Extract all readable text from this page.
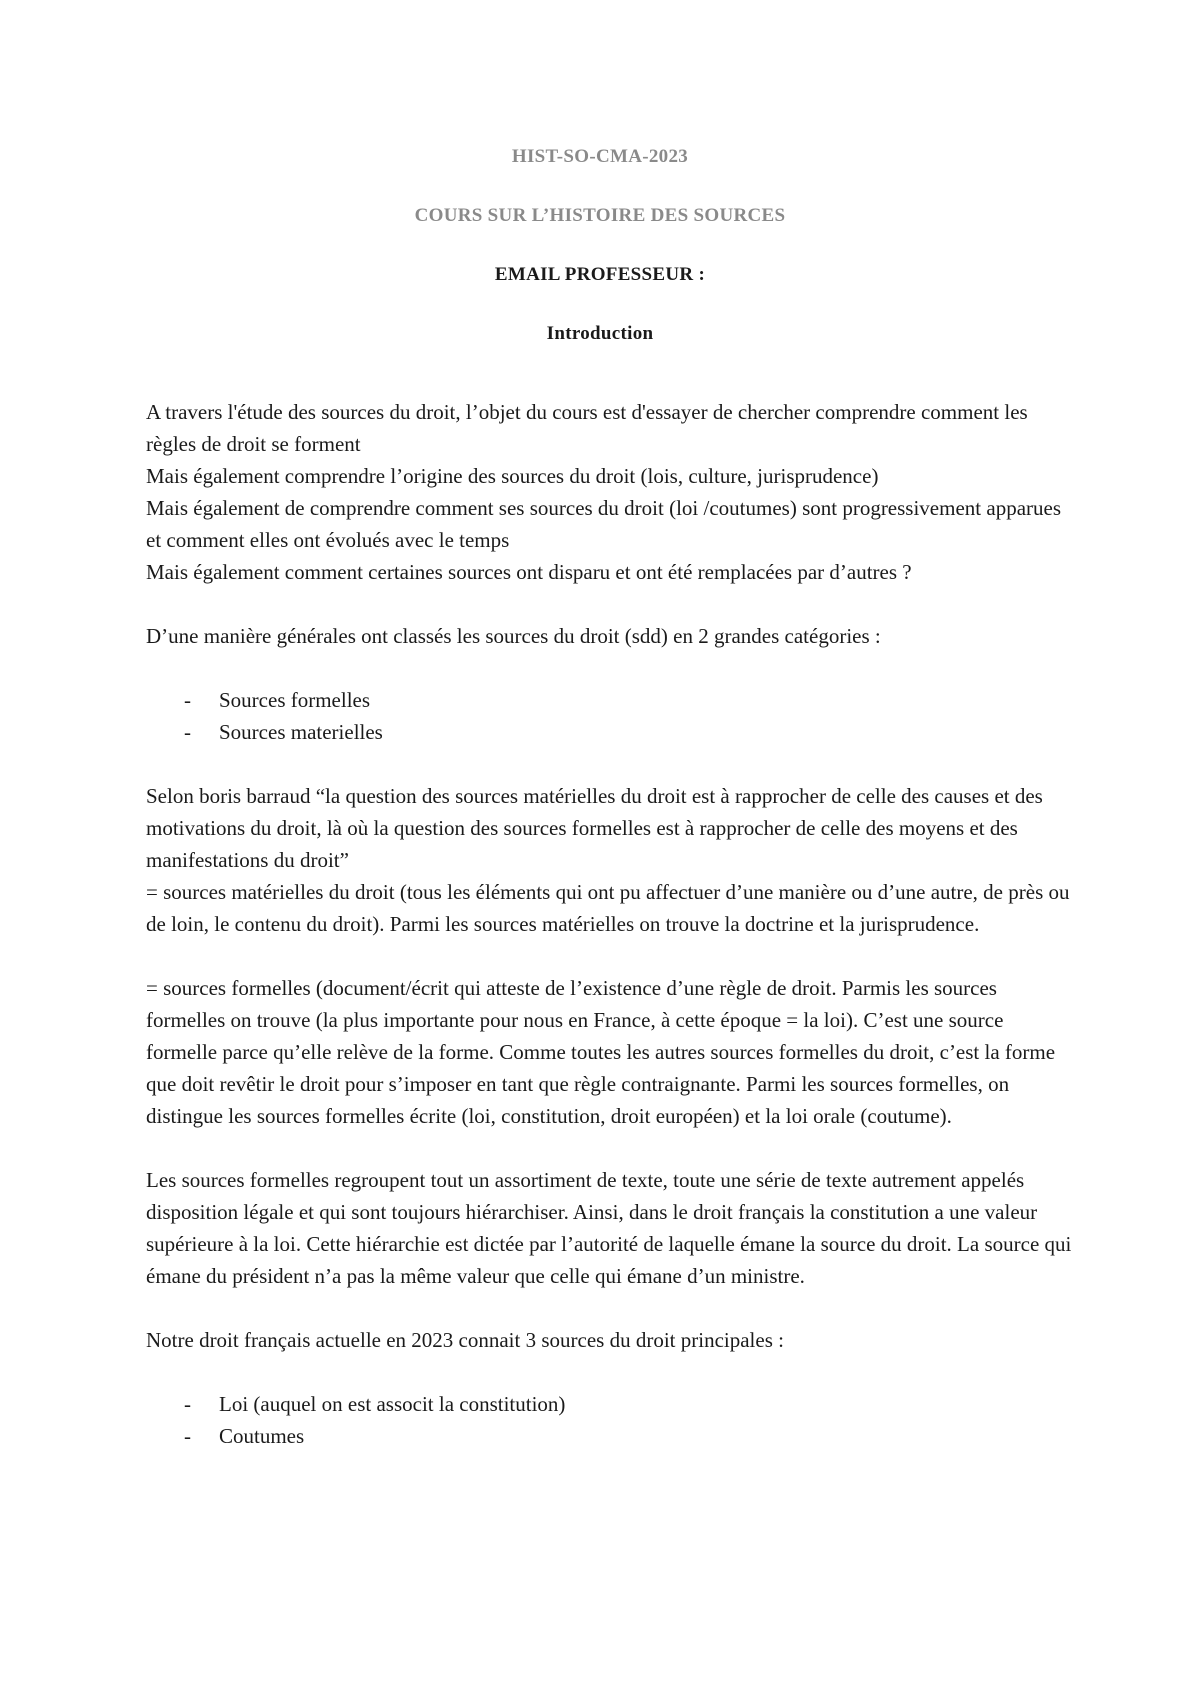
HIST-SO-CMA-2023
COURS SUR L’HISTOIRE DES SOURCES
EMAIL PROFESSEUR :
Introduction

A travers l'étude des sources du droit, l’objet du cours est d'essayer de chercher comprendre comment les règles de droit se forment

Mais également comprendre l’origine des sources du droit (lois, culture, jurisprudence)

Mais également de comprendre comment ses sources du droit (loi /coutumes) sont progressivement apparues et comment elles ont évolués avec le temps

Mais également comment certaines sources ont disparu et ont été remplacées par d’autres ?

D’une manière générales ont classés les sources du droit (sdd) en 2 grandes catégories :

- Sources formelles
- Sources materielles

Selon boris barraud “la question des sources matérielles du droit est à rapprocher de celle des causes et des motivations du droit, là où la question des sources formelles est à rapprocher de celle des moyens et des manifestations du droit”

= sources matérielles du droit (tous les éléments qui ont pu affectuer d’une manière ou d’une autre, de près ou de loin, le contenu du droit). Parmi les sources matérielles on trouve la doctrine et la jurisprudence.

= sources formelles (document/écrit qui atteste de l’existence d’une règle de droit. Parmis les sources formelles on trouve (la plus importante pour nous en France, à cette époque = la loi). C’est une source formelle parce qu’elle relève de la forme. Comme toutes les autres sources formelles du droit, c’est la forme que doit revêtir le droit pour s’imposer en tant que règle contraignante. Parmi les sources formelles, on distingue les sources formelles écrite (loi, constitution, droit européen) et la loi orale (coutume).

Les sources formelles regroupent tout un assortiment de texte, toute une série de texte autrement appelés disposition légale et qui sont toujours hiérarchiser. Ainsi, dans le droit français la constitution a une valeur supérieure à la loi. Cette hiérarchie est dictée par l’autorité de laquelle émane la source du droit. La source qui émane du président n’a pas la même valeur que celle qui émane d’un ministre.

Notre droit français actuelle en 2023 connait 3 sources du droit principales :

- Loi (auquel on est associt la constitution)
- Coutumes
